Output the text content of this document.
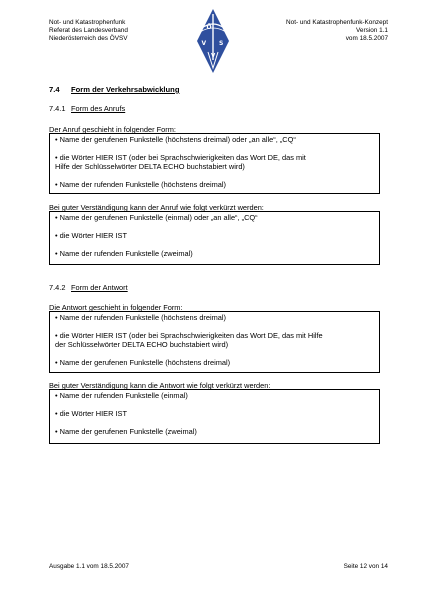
Not- und Katastrophenfunk
Referat des Landesverband
Niederösterreich des ÖVSV
Ö
V S
V
Not- und Katastrophenfunk-Konzept
Version 1.1
vom 18.5.2007
7.4 Form der Verkehrsabwicklung
7.4.1 Form des Anrufs
Der Anruf geschieht in folgender Form:

• Name der gerufenen Funkstelle (höchstens dreimal) oder „an alle“, „CQ“

• die Wörter HIER IST (oder bei Sprachschwierigkeiten das Wort DE, das mit

Hilfe der Schlüsselwörter DELTA ECHO buchstabiert wird)

• Name der rufenden Funkstelle (höchstens dreimal)

Bei guter Verständigung kann der Anruf wie folgt verkürzt werden:

• Name der gerufenen Funkstelle (einmal) oder „an alle“, „CQ“

• die Wörter HIER IST

• Name der rufenden Funkstelle (zweimal)

7.4.2 Form der Antwort
Die Antwort geschieht in folgender Form:

• Name der rufenden Funkstelle (höchstens dreimal)

• die Wörter HIER IST (oder bei Sprachschwierigkeiten das Wort DE, das mit Hilfe

der Schlüsselwörter DELTA ECHO buchstabiert wird)

• Name der gerufenen Funkstelle (höchstens dreimal)

Bei guter Verständigung kann die Antwort wie folgt verkürzt werden:

• Name der rufenden Funkstelle (einmal)

• die Wörter HIER IST

• Name der gerufenen Funkstelle (zweimal)

Ausgabe 1.1 vom 18.5.2007	Seite 12 von 14
